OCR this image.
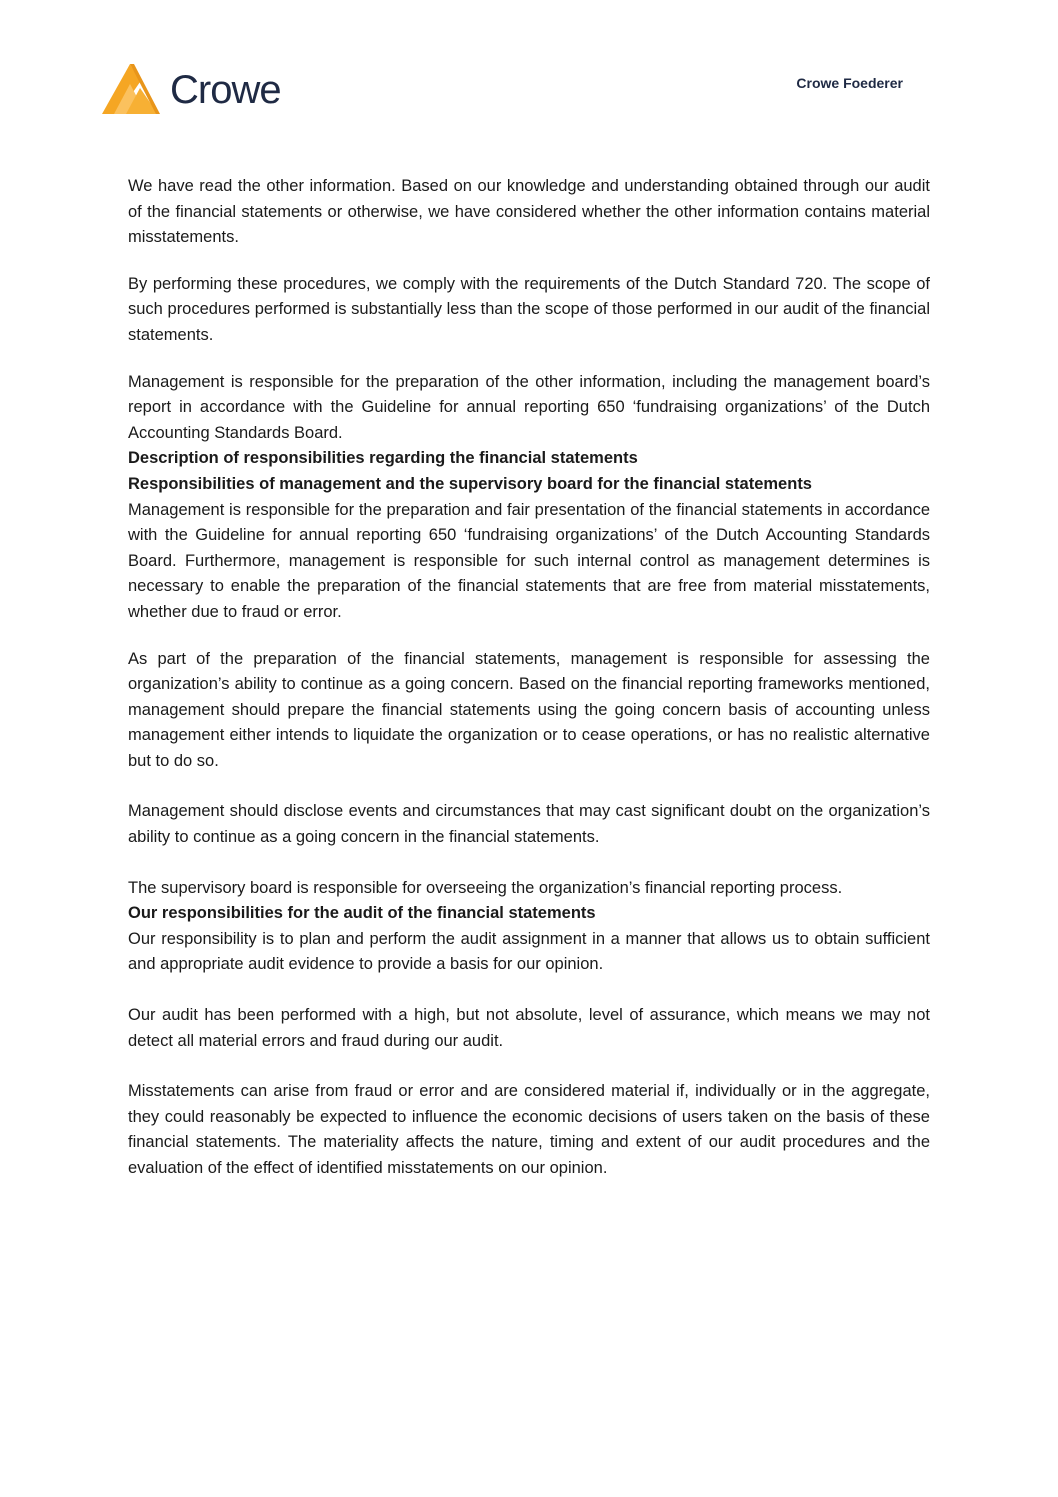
Crowe	Crowe Foederer

We have read the other information. Based on our knowledge and understanding obtained through our audit of the financial statements or otherwise, we have considered whether the other information contains material misstatements.

By performing these procedures, we comply with the requirements of the Dutch Standard 720. The scope of such procedures performed is substantially less than the scope of those performed in our audit of the financial statements.

Management is responsible for the preparation of the other information, including the management board’s report in accordance with the Guideline for annual reporting 650 ‘fundraising organizations’ of the Dutch Accounting Standards Board.

Description of responsibilities regarding the financial statements
Responsibilities of management and the supervisory board for the financial statements

Management is responsible for the preparation and fair presentation of the financial statements in accordance with the Guideline for annual reporting 650 ‘fundraising organizations’ of the Dutch Accounting Standards Board. Furthermore, management is responsible for such internal control as management determines is necessary to enable the preparation of the financial statements that are free from material misstatements, whether due to fraud or error.

As part of the preparation of the financial statements, management is responsible for assessing the organization’s ability to continue as a going concern. Based on the financial reporting frameworks mentioned, management should prepare the financial statements using the going concern basis of accounting unless management either intends to liquidate the organization or to cease operations, or has no realistic alternative but to do so.

Management should disclose events and circumstances that may cast significant doubt on the organization’s ability to continue as a going concern in the financial statements.

The supervisory board is responsible for overseeing the organization’s financial reporting process.

Our responsibilities for the audit of the financial statements

Our responsibility is to plan and perform the audit assignment in a manner that allows us to obtain sufficient and appropriate audit evidence to provide a basis for our opinion.

Our audit has been performed with a high, but not absolute, level of assurance, which means we may not detect all material errors and fraud during our audit.

Misstatements can arise from fraud or error and are considered material if, individually or in the aggregate, they could reasonably be expected to influence the economic decisions of users taken on the basis of these financial statements. The materiality affects the nature, timing and extent of our audit procedures and the evaluation of the effect of identified misstatements on our opinion.
